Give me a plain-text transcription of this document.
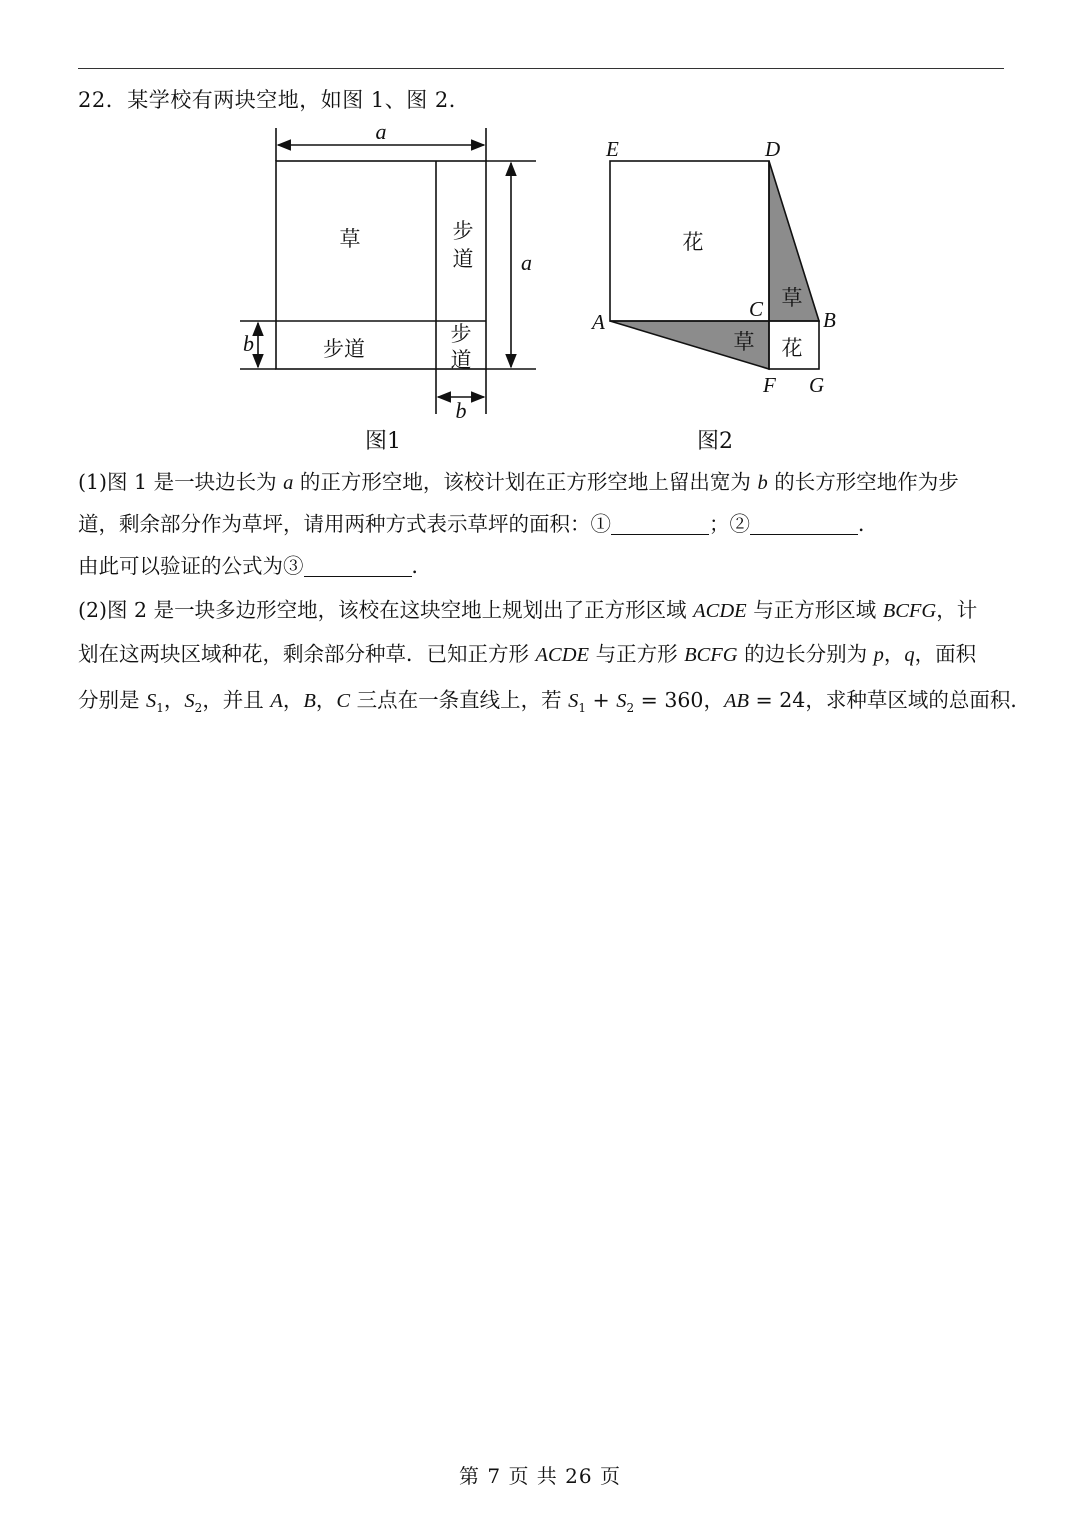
22．某学校有两块空地，如图 1、图 2．
a
a
b
b
草	步
道
步道
步
道
图1
E	D
A
C	B
F G
花
草
草 花
图2
(1)图 1 是一块边长为 a 的正方形空地，该校计划在正方形空地上留出宽为 b 的长方形空地作为步
道，剩余部分作为草坪，请用两种方式表示草坪的面积：①	；②	．
由此可以验证的公式为③	．
(2)图 2 是一块多边形空地，该校在这块空地上规划出了正方形区域 ACDE 与正方形区域 BCFG，计
划在这两块区域种花，剩余部分种草．已知正方形 ACDE 与正方形 BCFG 的边长分别为 p，q，面积
分别是 $S_1$，$S_2$，并且 A，B，C 三点在一条直线上，若 $S_1 + S_2 = 360$，AB = 24，求种草区域的总面积．
第 7 页 共 26 页
